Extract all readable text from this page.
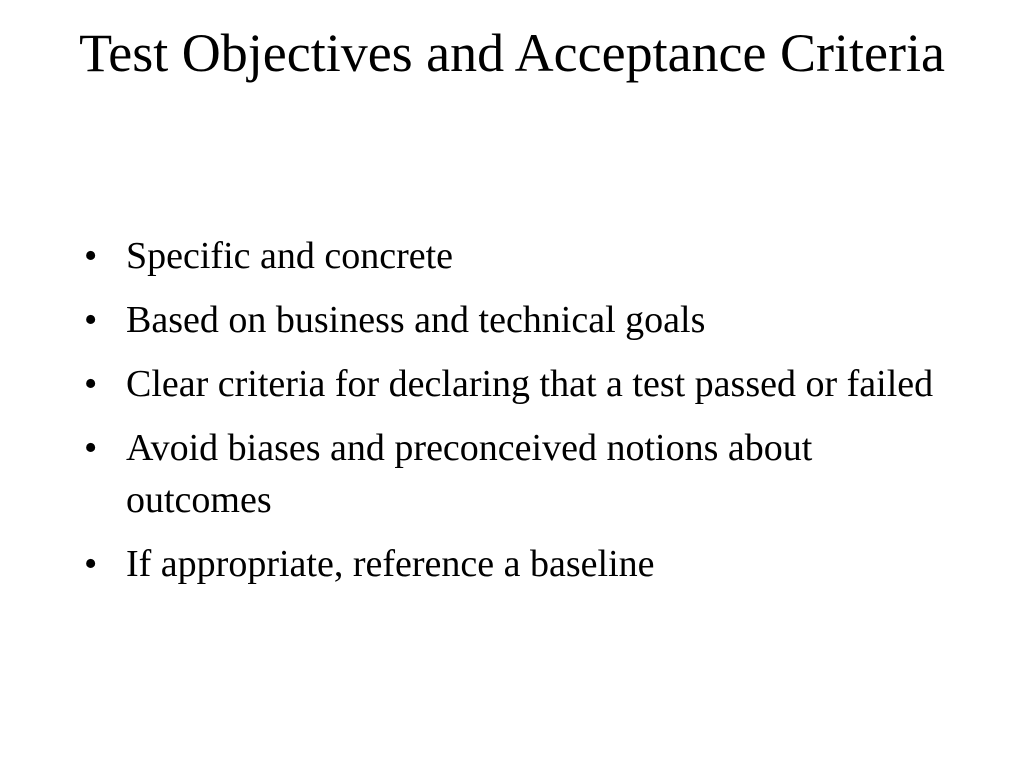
Test Objectives and Acceptance Criteria
• Specific and concrete
• Based on business and technical goals
• Clear criteria for declaring that a test passed or failed
• Avoid biases and preconceived notions about outcomes
• If appropriate, reference a baseline
